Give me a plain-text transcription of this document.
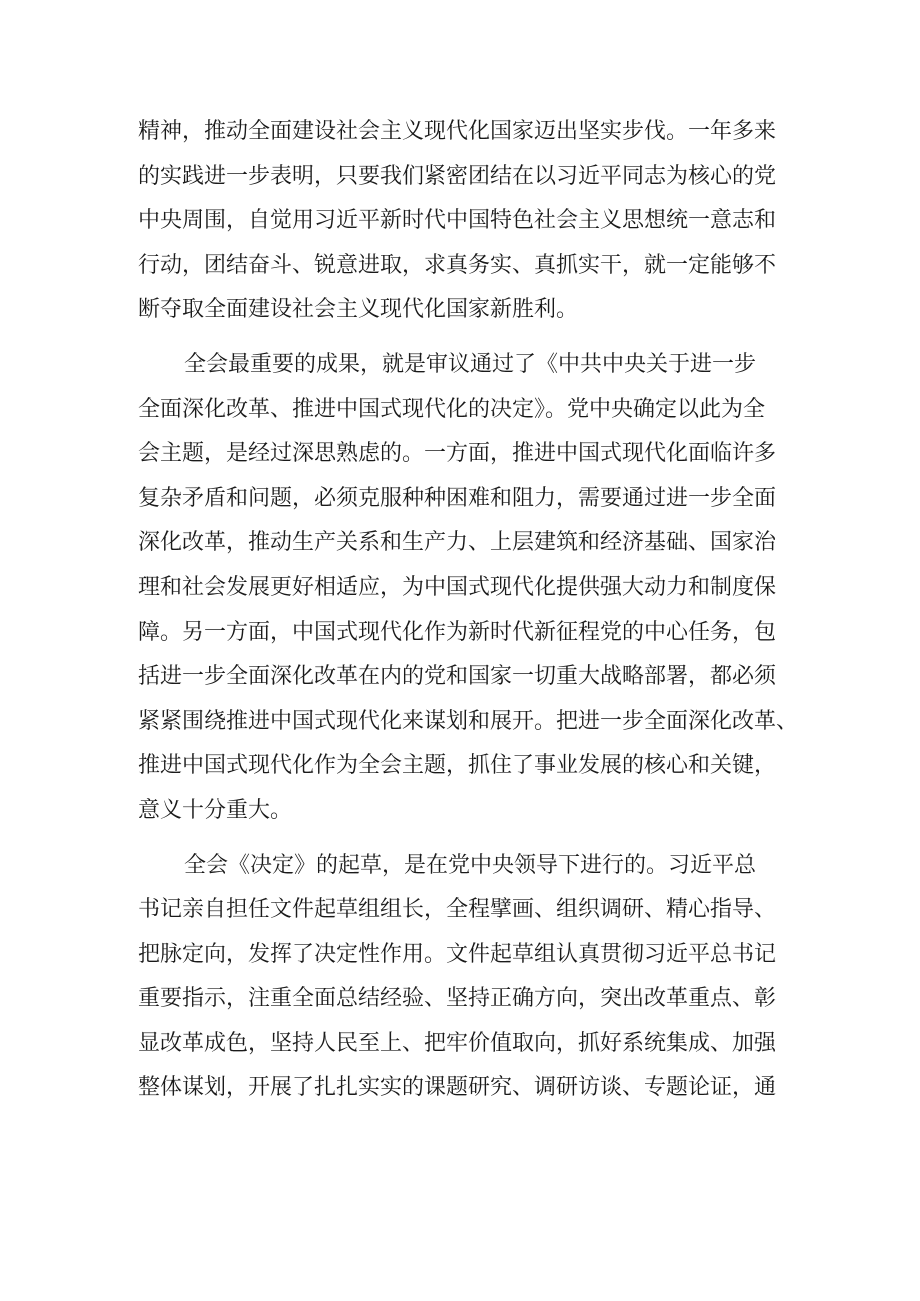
精神，推动全面建设社会主义现代化国家迈出坚实步伐。一年多来
的实践进一步表明，只要我们紧密团结在以习近平同志为核心的党
中央周围，自觉用习近平新时代中国特色社会主义思想统一意志和
行动，团结奋斗、锐意进取，求真务实、真抓实干，就一定能够不
断夺取全面建设社会主义现代化国家新胜利。

全会最重要的成果，就是审议通过了《中共中央关于进一步
全面深化改革、推进中国式现代化的决定》。党中央确定以此为全
会主题，是经过深思熟虑的。一方面，推进中国式现代化面临许多
复杂矛盾和问题，必须克服种种困难和阻力，需要通过进一步全面
深化改革，推动生产关系和生产力、上层建筑和经济基础、国家治
理和社会发展更好相适应，为中国式现代化提供强大动力和制度保
障。另一方面，中国式现代化作为新时代新征程党的中心任务，包
括进一步全面深化改革在内的党和国家一切重大战略部署，都必须
紧紧围绕推进中国式现代化来谋划和展开。把进一步全面深化改革、
推进中国式现代化作为全会主题，抓住了事业发展的核心和关键，
意义十分重大。

全会《决定》的起草，是在党中央领导下进行的。习近平总
书记亲自担任文件起草组组长，全程擘画、组织调研、精心指导、
把脉定向，发挥了决定性作用。文件起草组认真贯彻习近平总书记
重要指示，注重全面总结经验、坚持正确方向，突出改革重点、彰
显改革成色，坚持人民至上、把牢价值取向，抓好系统集成、加强
整体谋划，开展了扎扎实实的课题研究、调研访谈、专题论证，通
